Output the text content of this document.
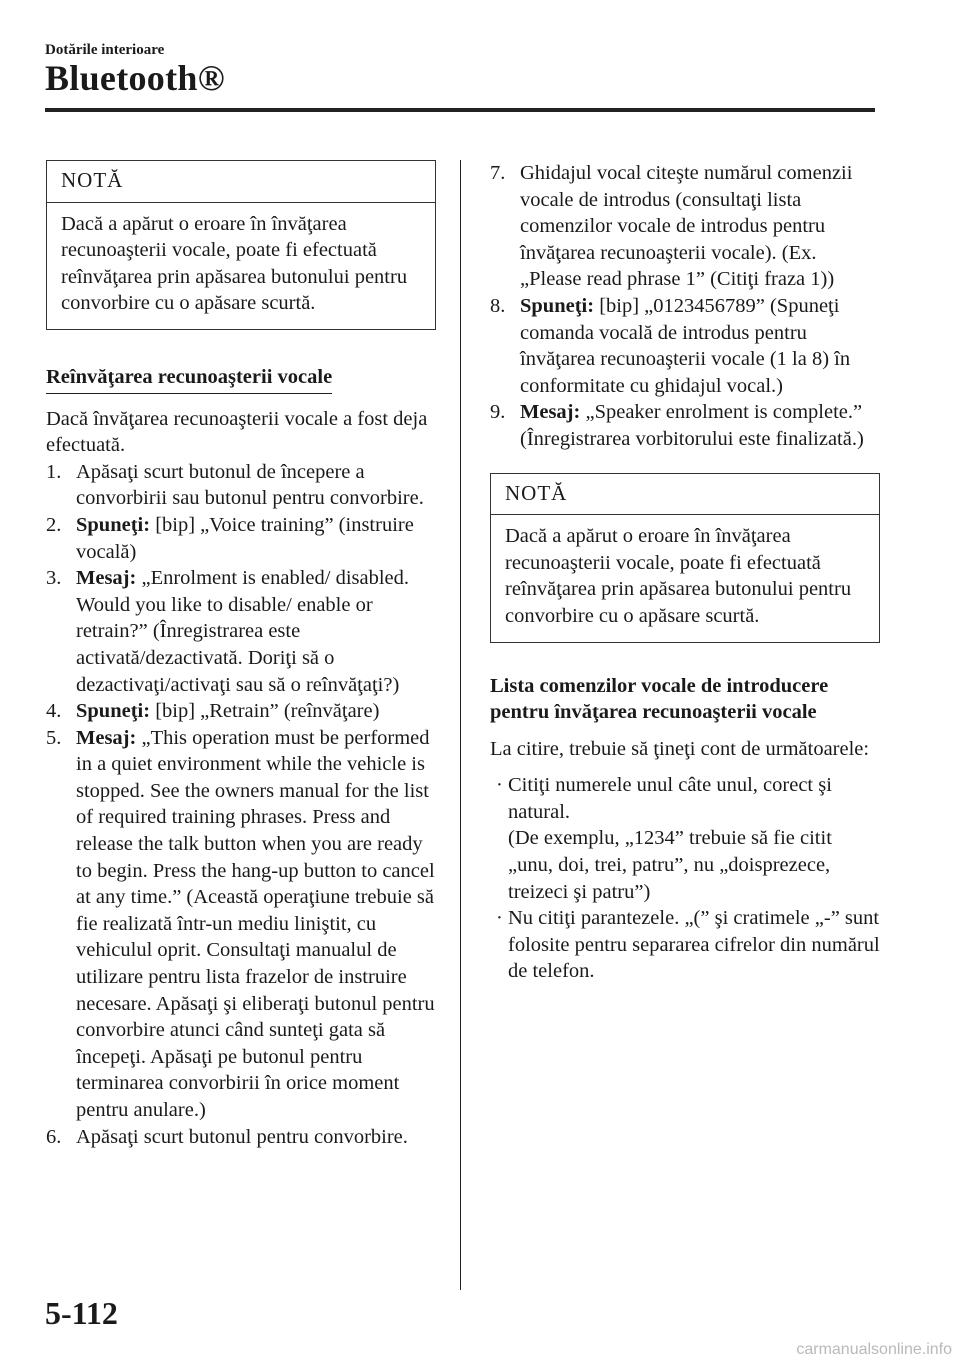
Dotările interioare
Bluetooth®
NOTĂ
Dacă a apărut o eroare în învăţarea recunoaşterii vocale, poate fi efectuată reînvăţarea prin apăsarea butonului pentru convorbire cu o apăsare scurtă.
Reînvăţarea recunoaşterii vocale

Dacă învăţarea recunoaşterii vocale a fost deja efectuată.

1. Apăsaţi scurt butonul de începere a convorbirii sau butonul pentru convorbire.
2. Spuneţi: [bip] „Voice training” (instruire vocală)
3. Mesaj: „Enrolment is enabled/ disabled. Would you like to disable/ enable or retrain?” (Înregistrarea este activată/dezactivată. Doriţi să o dezactivaţi/activaţi sau să o reînvăţaţi?)
4. Spuneţi: [bip] „Retrain” (reînvăţare)
5. Mesaj: „This operation must be performed in a quiet environment while the vehicle is stopped. See the owners manual for the list of required training phrases. Press and release the talk button when you are ready to begin. Press the hang-up button to cancel at any time.” (Această operaţiune trebuie să fie realizată într-un mediu liniştit, cu vehiculul oprit. Consultaţi manualul de utilizare pentru lista frazelor de instruire necesare. Apăsaţi şi eliberaţi butonul pentru convorbire atunci când sunteţi gata să începeţi. Apăsaţi pe butonul pentru terminarea convorbirii în orice moment pentru anulare.)
6. Apăsaţi scurt butonul pentru convorbire.
7. Ghidajul vocal citeşte numărul comenzii vocale de introdus (consultaţi lista comenzilor vocale de introdus pentru învăţarea recunoaşterii vocale). (Ex. „Please read phrase 1” (Citiţi fraza 1))
8. Spuneţi: [bip] „0123456789” (Spuneţi comanda vocală de introdus pentru învăţarea recunoaşterii vocale (1 la 8) în conformitate cu ghidajul vocal.)
9. Mesaj: „Speaker enrolment is complete.” (Înregistrarea vorbitorului este finalizată.)
NOTĂ
Dacă a apărut o eroare în învăţarea recunoaşterii vocale, poate fi efectuată reînvăţarea prin apăsarea butonului pentru convorbire cu o apăsare scurtă.

Lista comenzilor vocale de introducere pentru învăţarea recunoaşterii vocale

La citire, trebuie să ţineţi cont de următoarele:

· Citiţi numerele unul câte unul, corect şi natural.
(De exemplu, „1234” trebuie să fie citit „unu, doi, trei, patru”, nu „doisprezece, treizeci şi patru”)
· Nu citiţi parantezele. „(” şi cratimele „-” sunt folosite pentru separarea cifrelor din numărul de telefon.
5-112
carmanualsonline.info
